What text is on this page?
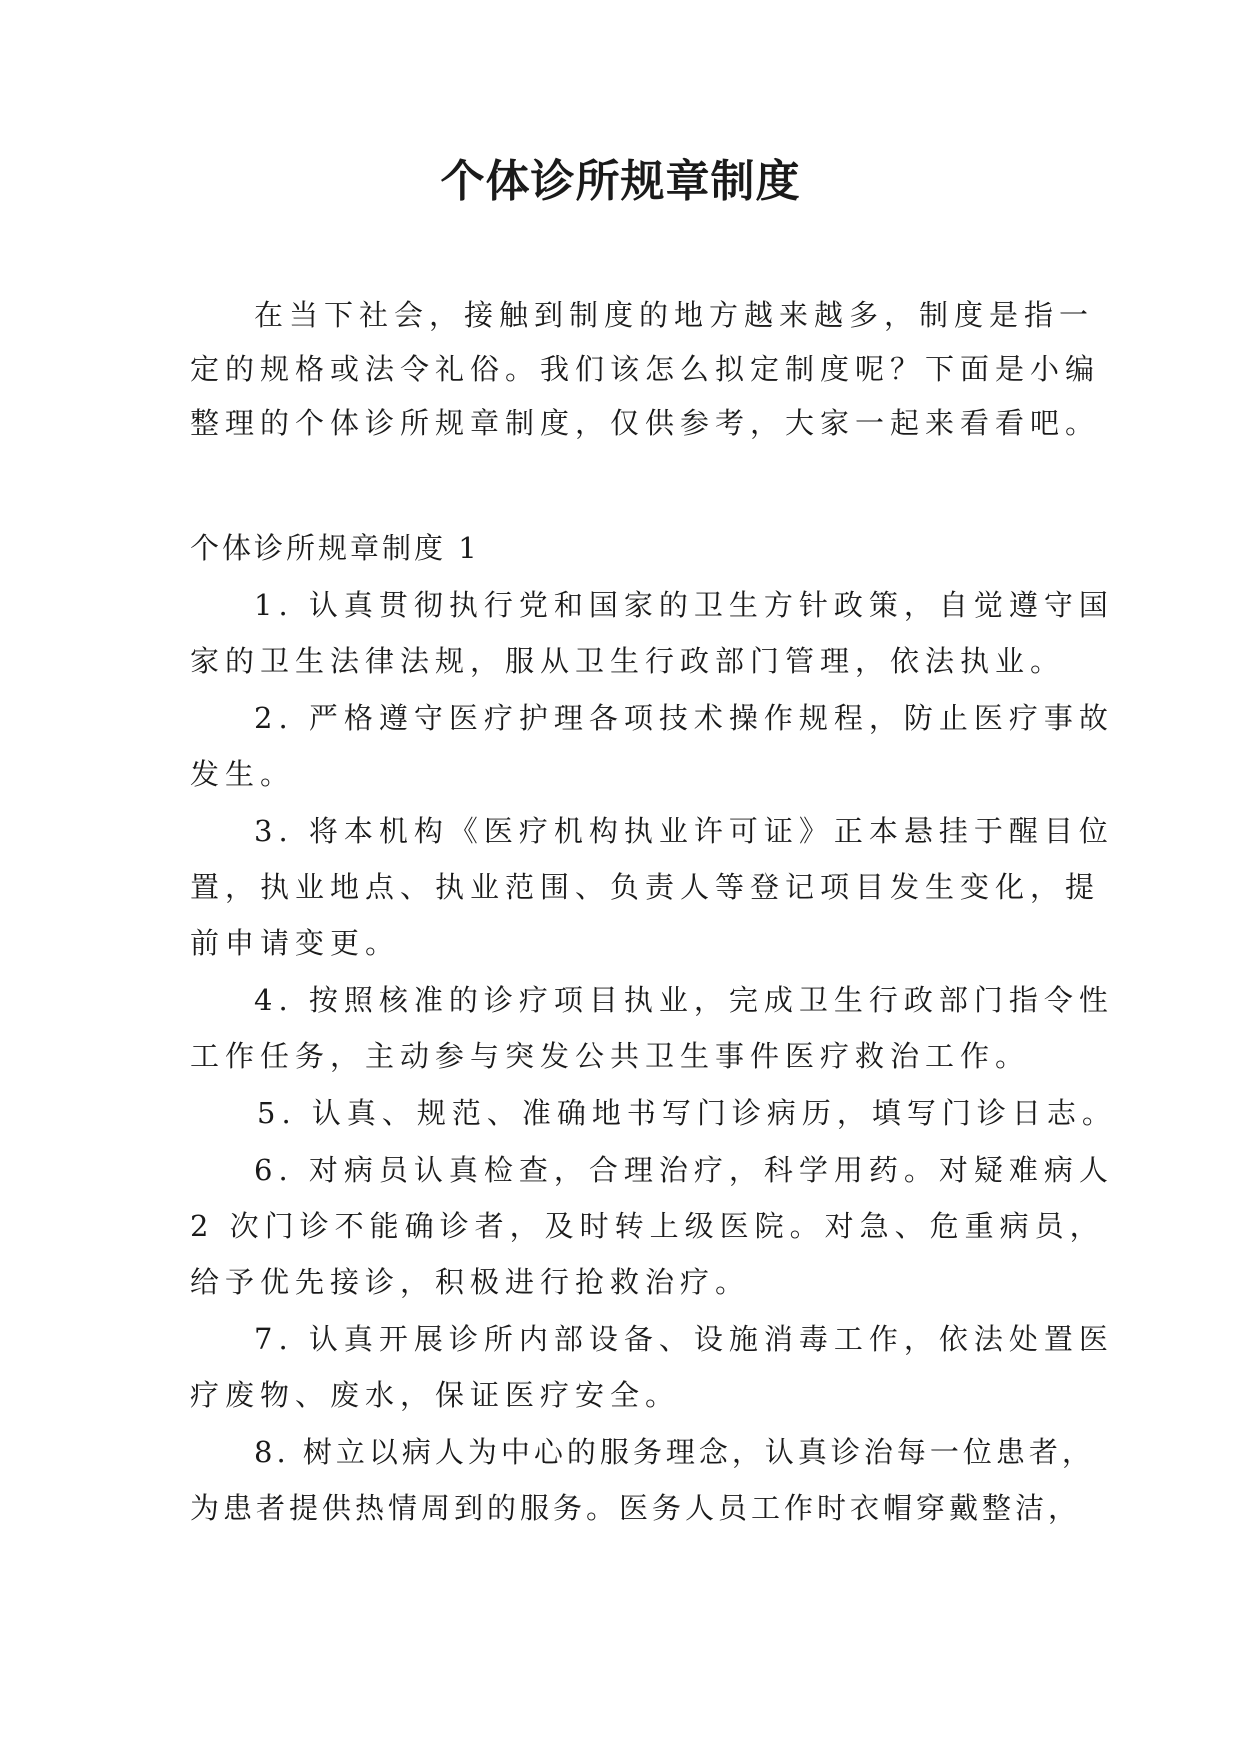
个体诊所规章制度
在当下社会，接触到制度的地方越来越多，制度是指一
定的规格或法令礼俗。我们该怎么拟定制度呢？下面是小编
整理的个体诊所规章制度，仅供参考，大家一起来看看吧。
个体诊所规章制度 1
1. 认真贯彻执行党和国家的卫生方针政策，自觉遵守国
家的卫生法律法规，服从卫生行政部门管理，依法执业。
2. 严格遵守医疗护理各项技术操作规程，防止医疗事故
发生。
3. 将本机构《医疗机构执业许可证》正本悬挂于醒目位
置，执业地点、执业范围、负责人等登记项目发生变化，提
前申请变更。
4. 按照核准的诊疗项目执业，完成卫生行政部门指令性
工作任务，主动参与突发公共卫生事件医疗救治工作。
5. 认真、规范、准确地书写门诊病历，填写门诊日志。
6. 对病员认真检查，合理治疗，科学用药。对疑难病人
2 次门诊不能确诊者，及时转上级医院。对急、危重病员，
给予优先接诊，积极进行抢救治疗。
7. 认真开展诊所内部设备、设施消毒工作，依法处置医
疗废物、废水，保证医疗安全。
8. 树立以病人为中心的服务理念，认真诊治每一位患者，
为患者提供热情周到的服务。医务人员工作时衣帽穿戴整洁，
